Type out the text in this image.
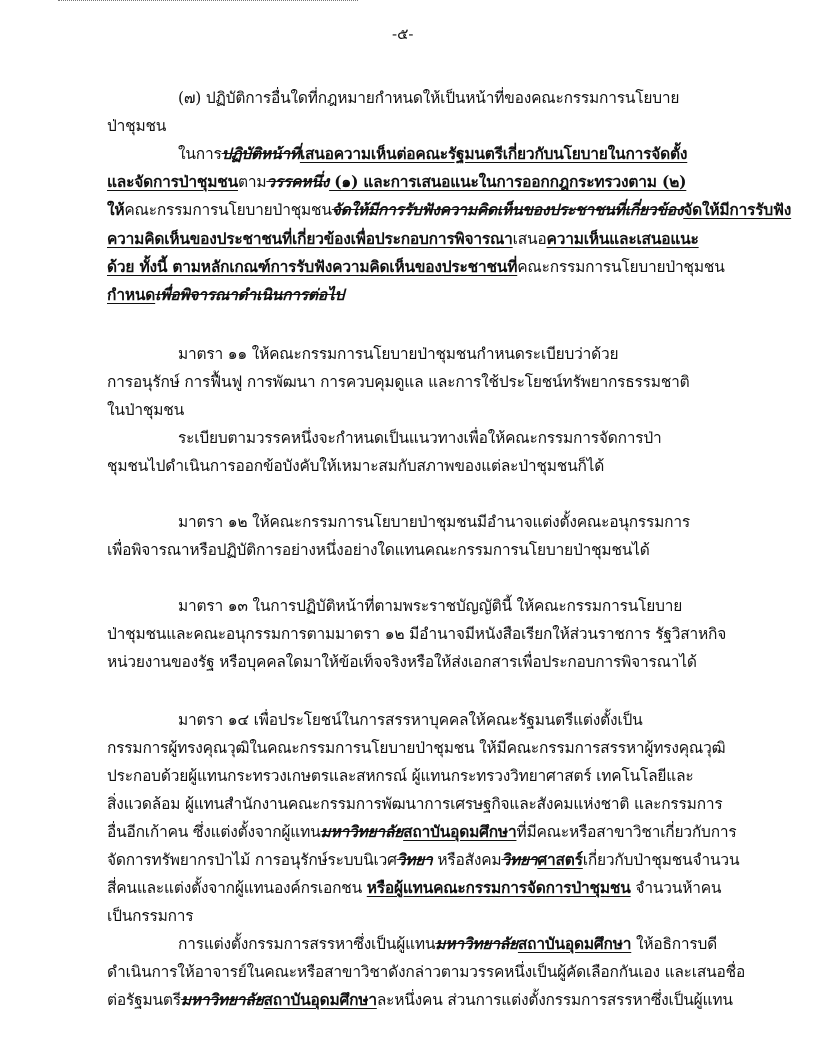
-๕-
(๗) ปฏิบัติการอื่นใดที่กฎหมายกำหนดให้เป็นหน้าที่ของคณะกรรมการนโยบาย
ป่าชุมชน
ในการปฏิบัติหน้าที่เสนอความเห็นต่อคณะรัฐมนตรีเกี่ยวกับนโยบายในการจัดตั้ง
และจัดการป่าชุมชนตามวรรคหนึ่ง (๑) และการเสนอแนะในการออกกฎกระทรวงตาม (๒)
ให้คณะกรรมการนโยบายป่าชุมชนจัดให้มีการรับฟังความคิดเห็นของประชาชนที่เกี่ยวข้องจัดให้มีการรับฟัง
ความคิดเห็นของประชาชนที่เกี่ยวข้องเพื่อประกอบการพิจารณาเสนอความเห็นและเสนอแนะ
ด้วย ทั้งนี้ ตามหลักเกณฑ์การรับฟังความคิดเห็นของประชาชนที่คณะกรรมการนโยบายป่าชุมชน
กำหนดเพื่อพิจารณาดำเนินการต่อไป
มาตรา ๑๑ ให้คณะกรรมการนโยบายป่าชุมชนกำหนดระเบียบว่าด้วย
การอนุรักษ์ การฟื้นฟู การพัฒนา การควบคุมดูแล และการใช้ประโยชน์ทรัพยากรธรรมชาติ
ในป่าชุมชน
ระเบียบตามวรรคหนึ่งจะกำหนดเป็นแนวทางเพื่อให้คณะกรรมการจัดการป่า
ชุมชนไปดำเนินการออกข้อบังคับให้เหมาะสมกับสภาพของแต่ละป่าชุมชนก็ได้
มาตรา ๑๒ ให้คณะกรรมการนโยบายป่าชุมชนมีอำนาจแต่งตั้งคณะอนุกรรมการ
เพื่อพิจารณาหรือปฏิบัติการอย่างหนึ่งอย่างใดแทนคณะกรรมการนโยบายป่าชุมชนได้
มาตรา ๑๓ ในการปฏิบัติหน้าที่ตามพระราชบัญญัตินี้ ให้คณะกรรมการนโยบาย
ป่าชุมชนและคณะอนุกรรมการตามมาตรา ๑๒ มีอำนาจมีหนังสือเรียกให้ส่วนราชการ รัฐวิสาหกิจ
หน่วยงานของรัฐ หรือบุคคลใดมาให้ข้อเท็จจริงหรือให้ส่งเอกสารเพื่อประกอบการพิจารณาได้
มาตรา ๑๔ เพื่อประโยชน์ในการสรรหาบุคคลให้คณะรัฐมนตรีแต่งตั้งเป็น
กรรมการผู้ทรงคุณวุฒิในคณะกรรมการนโยบายป่าชุมชน ให้มีคณะกรรมการสรรหาผู้ทรงคุณวุฒิ
ประกอบด้วยผู้แทนกระทรวงเกษตรและสหกรณ์ ผู้แทนกระทรวงวิทยาศาสตร์ เทคโนโลยีและ
สิ่งแวดล้อม ผู้แทนสำนักงานคณะกรรมการพัฒนาการเศรษฐกิจและสังคมแห่งชาติ และกรรมการ
อื่นอีกเก้าคน ซึ่งแต่งตั้งจากผู้แทนมหาวิทยาลัยสถาบันอุดมศึกษาที่มีคณะหรือสาขาวิชาเกี่ยวกับการ
จัดการทรัพยากรป่าไม้ การอนุรักษ์ระบบนิเวศวิทยา หรือสังคมวิทยาศาสตร์เกี่ยวกับป่าชุมชนจำนวน
สี่คนและแต่งตั้งจากผู้แทนองค์กรเอกชน หรือผู้แทนคณะกรรมการจัดการป่าชุมชน จำนวนห้าคน
เป็นกรรมการ
การแต่งตั้งกรรมการสรรหาซึ่งเป็นผู้แทนมหาวิทยาลัยสถาบันอุดมศึกษา ให้อธิการบดี
ดำเนินการให้อาจารย์ในคณะหรือสาขาวิชาดังกล่าวตามวรรคหนึ่งเป็นผู้คัดเลือกกันเอง และเสนอชื่อ
ต่อรัฐมนตรีมหาวิทยาลัยสถาบันอุดมศึกษาละหนึ่งคน ส่วนการแต่งตั้งกรรมการสรรหาซึ่งเป็นผู้แทน
